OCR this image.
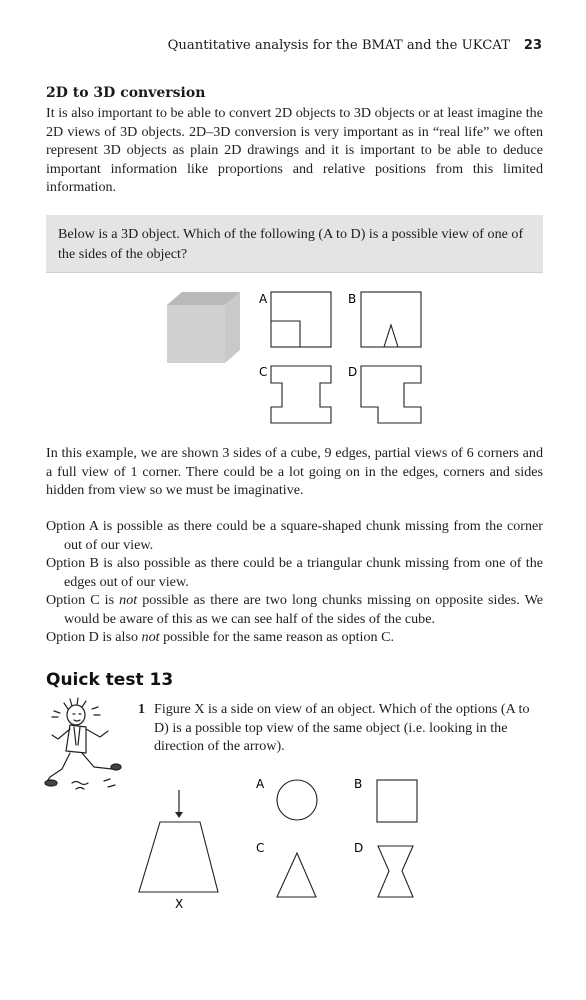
Quantitative analysis for the BMAT and the UKCAT 23
2D to 3D conversion
It is also important to be able to convert 2D objects to 3D objects or at least imagine the 2D views of 3D objects. 2D–3D conversion is very important as in “real life” we often represent 3D objects as plain 2D drawings and it is important to be able to deduce important information like proportions and relative positions from this limited information.
Below is a 3D object. Which of the following (A to D) is a possible view of one of the sides of the object?
A	B
C	D
In this example, we are shown 3 sides of a cube, 9 edges, partial views of 6 corners and a full view of 1 corner. There could be a lot going on in the edges, corners and sides hidden from view so we must be imaginative.
Option A is possible as there could be a square-shaped chunk missing from the corner out of our view.
Option B is also possible as there could be a triangular chunk missing from one of the edges out of our view.
Option C is not possible as there are two long chunks missing on opposite sides. We would be aware of this as we can see half of the sides of the cube.
Option D is also not possible for the same reason as option C.
Quick test 13
1 Figure X is a side on view of an object. Which of the options (A to D) is a possible top view of the same object (i.e. looking in the direction of the arrow).
X
A	B
C	D
